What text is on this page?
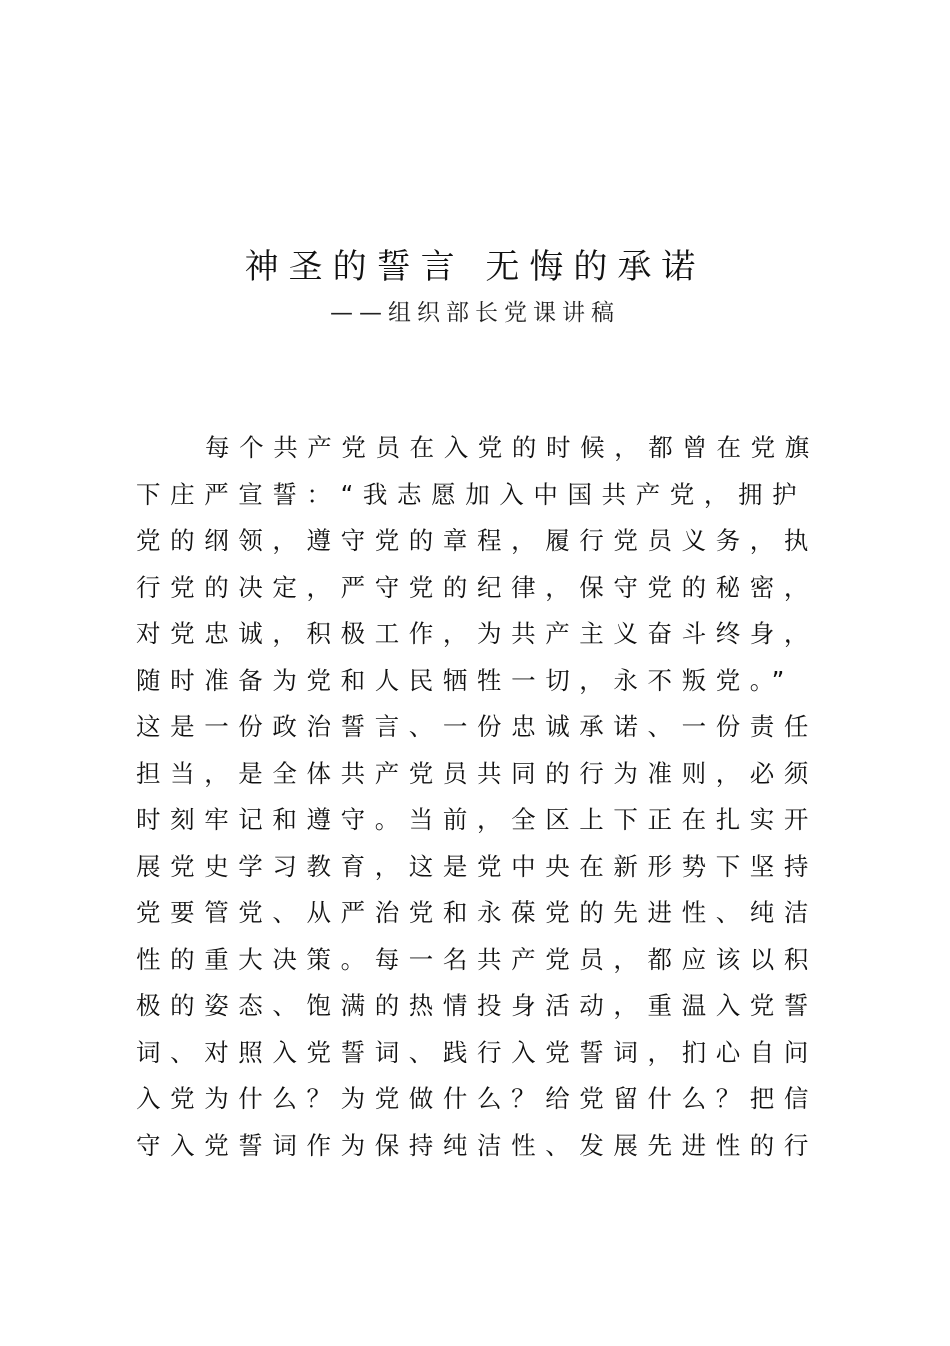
神圣的誓言 无悔的承诺
——组织部长党课讲稿
每个共产党员在入党的时候，都曾在党旗
下庄严宣誓：“我志愿加入中国共产党，拥护
党的纲领，遵守党的章程，履行党员义务，执
行党的决定，严守党的纪律，保守党的秘密，
对党忠诚，积极工作，为共产主义奋斗终身，
随时准备为党和人民牺牲一切，永不叛党。”
这是一份政治誓言、一份忠诚承诺、一份责任
担当，是全体共产党员共同的行为准则，必须
时刻牢记和遵守。当前，全区上下正在扎实开
展党史学习教育，这是党中央在新形势下坚持
党要管党、从严治党和永葆党的先进性、纯洁
性的重大决策。每一名共产党员，都应该以积
极的姿态、饱满的热情投身活动，重温入党誓
词、对照入党誓词、践行入党誓词，扪心自问
入党为什么？为党做什么？给党留什么？把信
守入党誓词作为保持纯洁性、发展先进性的行
